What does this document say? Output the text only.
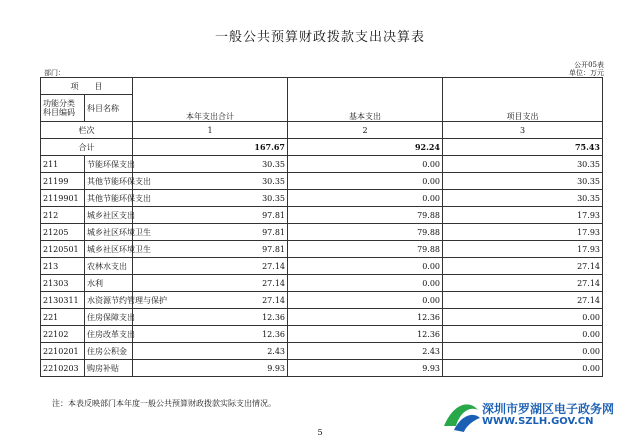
一般公共预算财政拨款支出决算表
公开05表
部门：	单位：万元
项　　目		本年支出合计	基本支出	项目支出
功能分类科目编码	科目名称			
栏次		1	2	3
合计		167.67	92.24	75.43
211	节能环保支出	30.35	0.00	30.35
21199	其他节能环保支出	30.35	0.00	30.35
2119901	其他节能环保支出	30.35	0.00	30.35
212	城乡社区支出	97.81	79.88	17.93
21205	城乡社区环境卫生	97.81	79.88	17.93
2120501	城乡社区环境卫生	97.81	79.88	17.93
213	农林水支出	27.14	0.00	27.14
21303	水利	27.14	0.00	27.14
2130311	水资源节约管理与保护	27.14	0.00	27.14
221	住房保障支出	12.36	12.36	0.00
22102	住房改革支出	12.36	12.36	0.00
2210201	住房公积金	2.43	2.43	0.00
2210203	购房补贴	9.93	9.93	0.00
注：本表反映部门本年度一般公共预算财政拨款实际支出情况。
5
深圳市罗湖区电子政务网
WWW.SZLH.GOV.CN
